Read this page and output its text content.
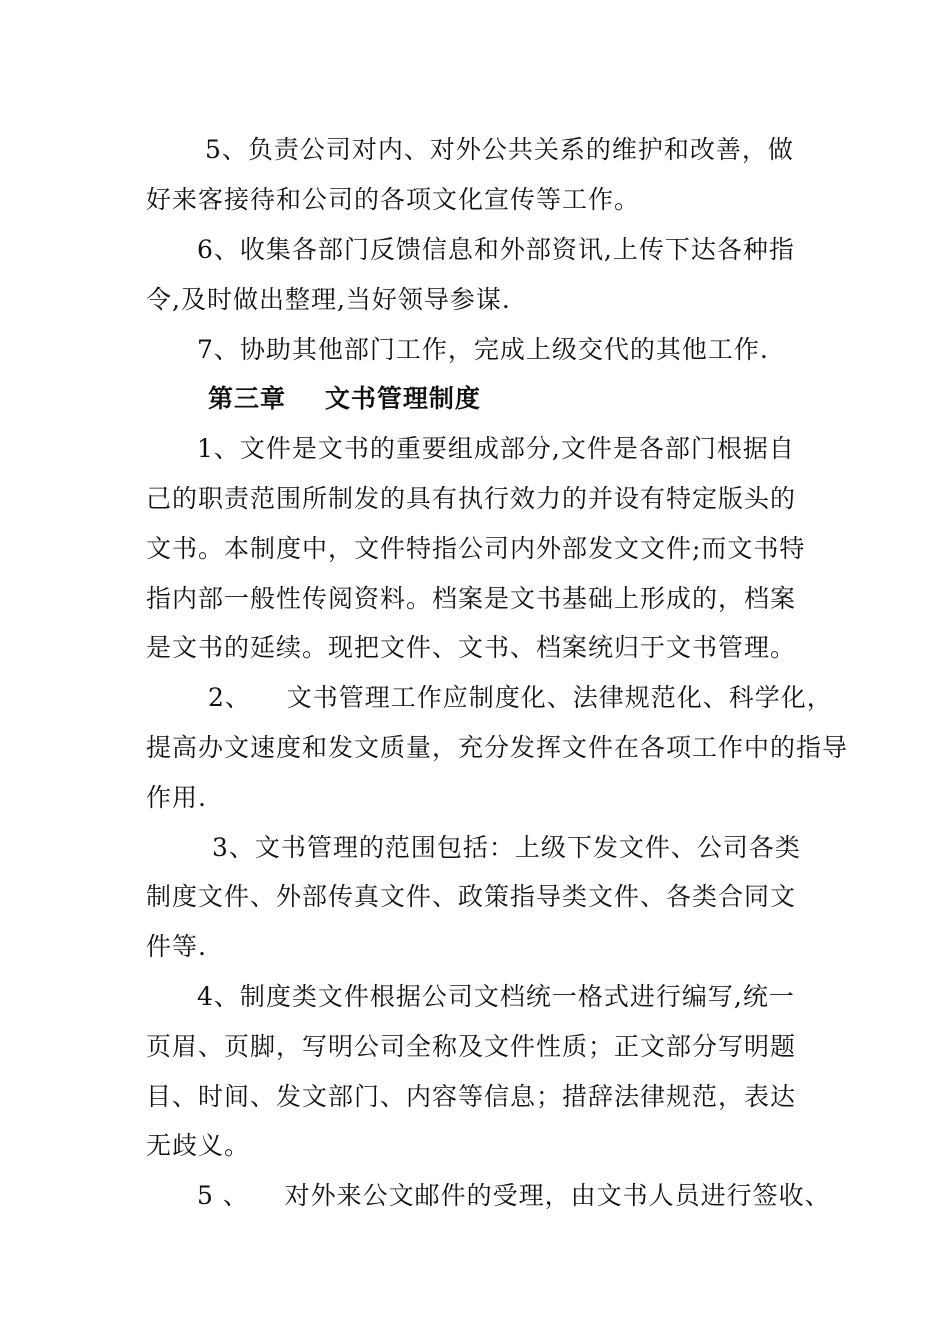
5、负责公司对内、对外公共关系的维护和改善，做
好来客接待和公司的各项文化宣传等工作。
6、收集各部门反馈信息和外部资讯,上传下达各种指
令,及时做出整理,当好领导参谋.
7、协助其他部门工作，完成上级交代的其他工作.
第三章    文书管理制度
1、文件是文书的重要组成部分,文件是各部门根据自
己的职责范围所制发的具有执行效力的并设有特定版头的
文书。本制度中，文件特指公司内外部发文文件;而文书特
指内部一般性传阅资料。档案是文书基础上形成的，档案
是文书的延续。现把文件、文书、档案统归于文书管理。
2、    文书管理工作应制度化、法律规范化、科学化，
提高办文速度和发文质量，充分发挥文件在各项工作中的指导
作用.
3、文书管理的范围包括：上级下发文件、公司各类
制度文件、外部传真文件、政策指导类文件、各类合同文
件等.
4、制度类文件根据公司文档统一格式进行编写,统一
页眉、页脚，写明公司全称及文件性质；正文部分写明题
目、时间、发文部门、内容等信息；措辞法律规范，表达
无歧义。
5 、    对外来公文邮件的受理，由文书人员进行签收、
